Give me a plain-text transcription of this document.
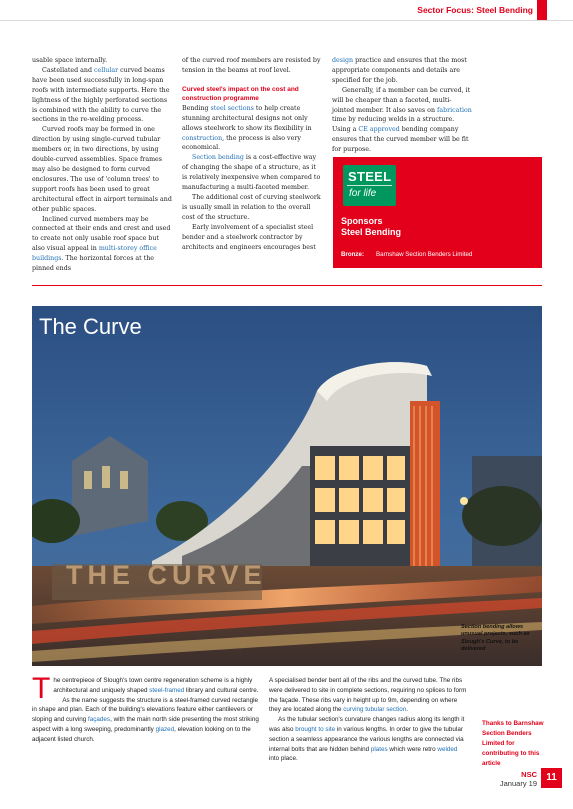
Sector Focus: Steel Bending

usable space internally.

Castellated and cellular curved beams have been used successfully in long-span roofs with intermediate supports. Here the lightness of the highly perforated sections is combined with the ability to curve the sections in the re-welding process.

Curved roofs may be formed in one direction by using single-curved tubular members or, in two directions, by using double-curved assemblies. Space frames may also be designed to form curved enclosures. The use of 'column trees' to support roofs has been used to great architectural effect in airport terminals and other public spaces.

Inclined curved members may be connected at their ends and crest and used to create not only usable roof space but also visual appeal in multi-storey office buildings. The horizontal forces at the pinned ends

of the curved roof members are resisted by tension in the beams at roof level.

Curved steel's impact on the cost and construction programme

Bending steel sections to help create stunning architectural designs not only allows steelwork to show its flexibility in construction, the process is also very economical.

Section bending is a cost-effective way of changing the shape of a structure, as it is relatively inexpensive when compared to manufacturing a multi-faceted member.

The additional cost of curving steelwork is usually small in relation to the overall cost of the structure.

Early involvement of a specialist steel bender and a steelwork contractor by architects and engineers encourages best

design practice and ensures that the most appropriate components and details are specified for the job.

Generally, if a member can be curved, it will be cheaper than a faceted, multi-jointed member. It also saves on fabrication time by reducing welds in a structure. Using a CE approved bending company ensures that the curved member will be fit for purpose.

STEEL
for life
Sponsors
Steel Bending
Bronze: Barnshaw Section Benders Limited
THE CURVE
The Curve
Section bending allows unusual projects, such as Slough's Curve, to be delivered

The centrepiece of Slough's town centre regeneration scheme is a highly architectural and uniquely shaped steel-framed library and cultural centre.

As the name suggests the structure is a steel-framed curved rectangle in shape and plan. Each of the building's elevations feature either cantilevers or sloping and curving façades, with the main north side presenting the most striking aspect with a long sweeping, predominantly glazed, elevation looking on to the adjacent listed church.

A specialised bender bent all of the ribs and the curved tube. The ribs were delivered to site in complete sections, requiring no splices to form the façade. These ribs vary in height up to 9m, depending on where they are located along the curving tubular section.

As the tubular section's curvature changes radius along its length it was also brought to site in various lengths. In order to give the tubular section a seamless appearance the various lengths are connected via internal bolts that are hidden behind plates which were retro welded into place.

Thanks to Barnshaw Section Benders Limited for contributing to this article
NSC
January 19
11
